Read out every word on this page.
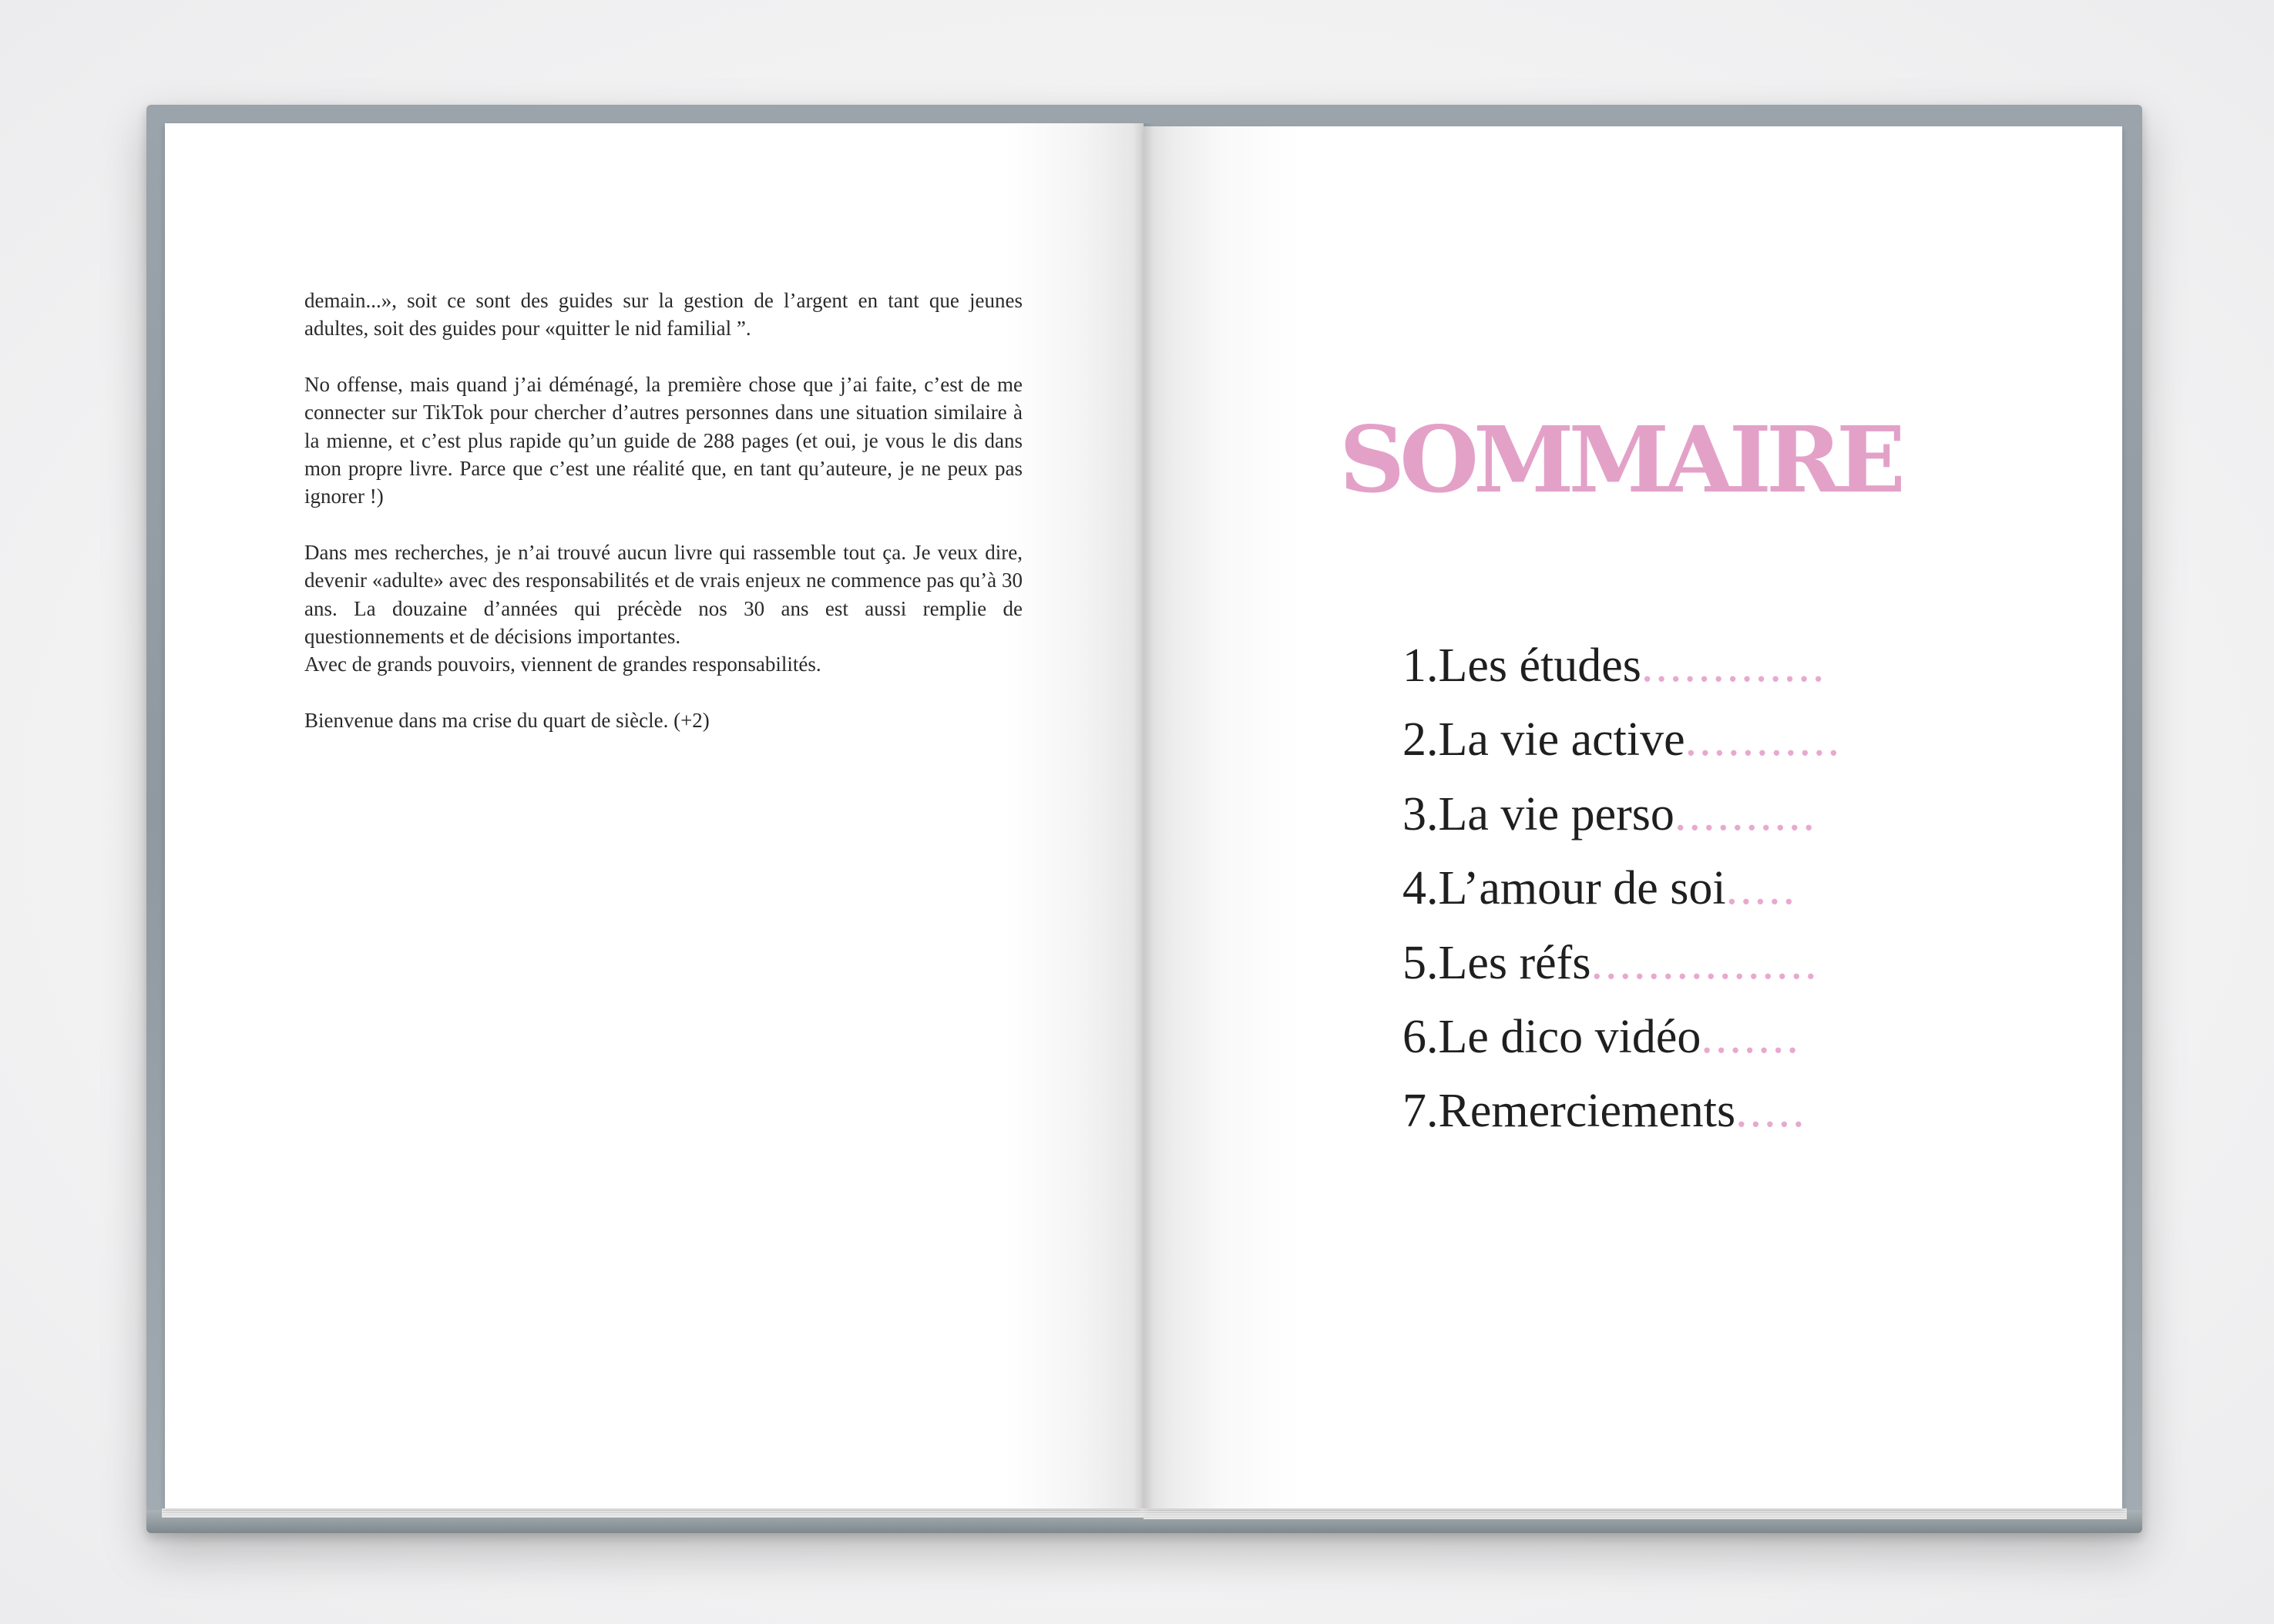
demain...», soit ce sont des guides sur la gestion de l’argent en tant que jeunes adultes, soit des guides pour «quitter le nid familial ”.

No offense, mais quand j’ai déménagé, la première chose que j’ai faite, c’est de me connecter sur TikTok pour chercher d’autres personnes dans une situation similaire à la mienne, et c’est plus rapide qu’un guide de 288 pages (et oui, je vous le dis dans mon propre livre. Parce que c’est une réalité que, en tant qu’auteure, je ne peux pas ignorer !)

Dans mes recherches, je n’ai trouvé aucun livre qui rassemble tout ça. Je veux dire, devenir «adulte» avec des responsabilités et de vrais enjeux ne commence pas qu’à 30 ans. La douzaine d’années qui précède nos 30 ans est aussi remplie de questionnements et de décisions importantes.

Avec de grands pouvoirs, viennent de grandes responsabilités.

Bienvenue dans ma crise du quart de siècle. (+2)

SOMMAIRE
1.Les études.............
2.La vie active...........
3.La vie perso..........
4.L’amour de soi.....
5.Les réfs................
6.Le dico vidéo.......
7.Remerciements.....
